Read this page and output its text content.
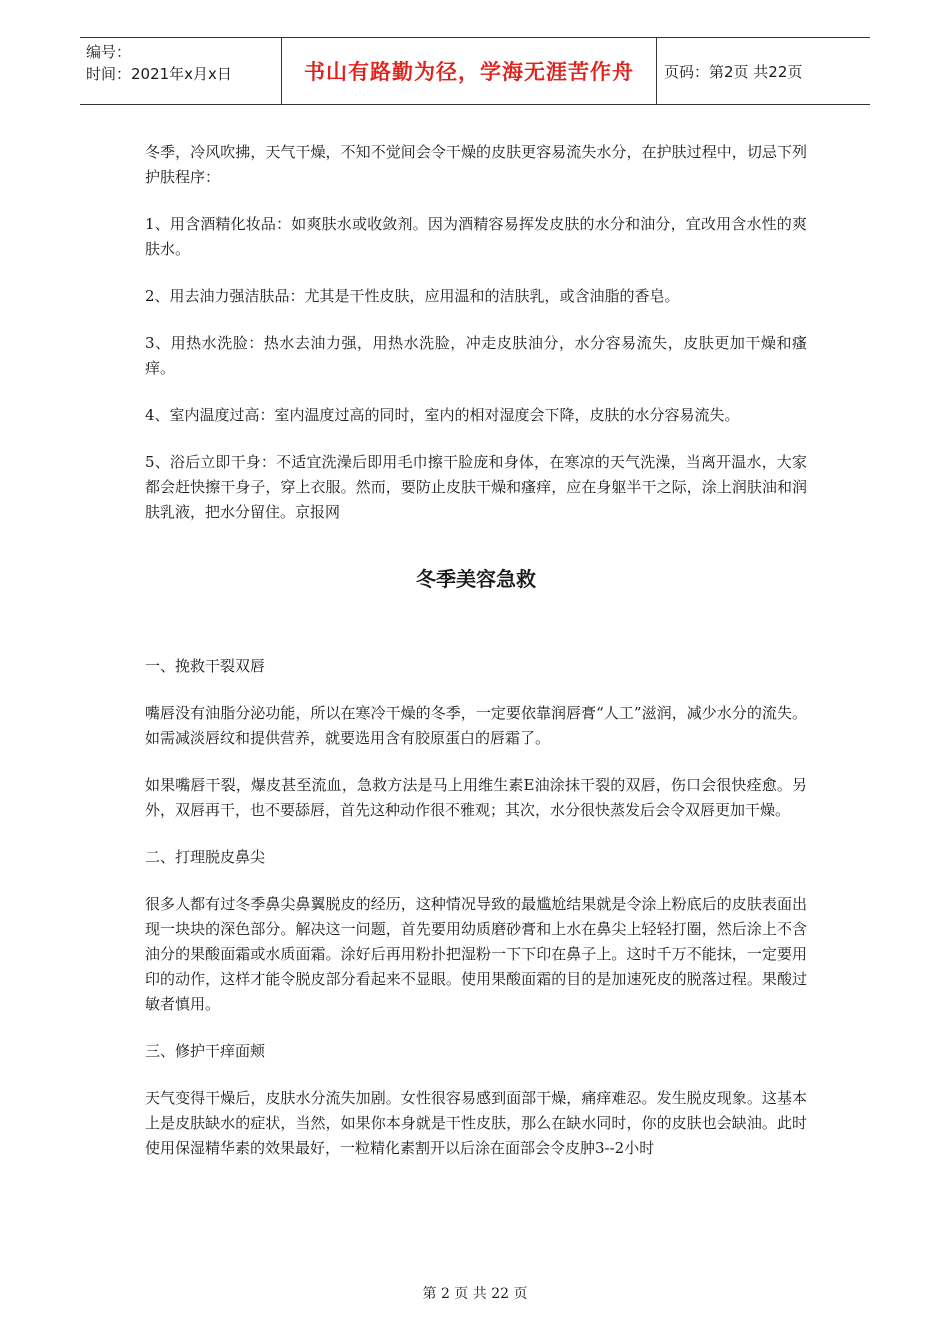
编号：
时间：2021年x月x日	书山有路勤为径，学海无涯苦作舟	页码：第2页 共22页

冬季，冷风吹拂，天气干燥，不知不觉间会令干燥的皮肤更容易流失水分，在护肤过程中，切忌下列护肤程序：

1、用含酒精化妆品：如爽肤水或收敛剂。因为酒精容易挥发皮肤的水分和油分，宜改用含水性的爽肤水。

2、用去油力强洁肤品：尤其是干性皮肤，应用温和的洁肤乳，或含油脂的香皂。

3、用热水洗脸：热水去油力强，用热水洗脸，冲走皮肤油分，水分容易流失，皮肤更加干燥和瘙痒。

4、室内温度过高：室内温度过高的同时，室内的相对湿度会下降，皮肤的水分容易流失。

5、浴后立即干身：不适宜洗澡后即用毛巾擦干脸庞和身体，在寒凉的天气洗澡，当离开温水，大家都会赶快擦干身子，穿上衣服。然而，要防止皮肤干燥和瘙痒，应在身躯半干之际，涂上润肤油和润肤乳液，把水分留住。京报网

冬季美容急救

一、挽救干裂双唇

嘴唇没有油脂分泌功能，所以在寒冷干燥的冬季，一定要依靠润唇膏“人工”滋润，减少水分的流失。如需减淡唇纹和提供营养，就要选用含有胶原蛋白的唇霜了。

如果嘴唇干裂，爆皮甚至流血，急救方法是马上用维生素E油涂抹干裂的双唇，伤口会很快痊愈。另外，双唇再干，也不要舔唇，首先这种动作很不雅观；其次，水分很快蒸发后会令双唇更加干燥。

二、打理脱皮鼻尖

很多人都有过冬季鼻尖鼻翼脱皮的经历，这种情况导致的最尴尬结果就是令涂上粉底后的皮肤表面出现一块块的深色部分。解决这一问题，首先要用幼质磨砂膏和上水在鼻尖上轻轻打圈，然后涂上不含油分的果酸面霜或水质面霜。涂好后再用粉扑把湿粉一下下印在鼻子上。这时千万不能抹，一定要用印的动作，这样才能令脱皮部分看起来不显眼。使用果酸面霜的目的是加速死皮的脱落过程。果酸过敏者慎用。

三、修护干痒面颊

天气变得干燥后，皮肤水分流失加剧。女性很容易感到面部干燥，痛痒难忍。发生脱皮现象。这基本上是皮肤缺水的症状，当然，如果你本身就是干性皮肤，那么在缺水同时，你的皮肤也会缺油。此时使用保湿精华素的效果最好，一粒精化素割开以后涂在面部会令皮肿3--2小时

第 2 页 共 22 页
